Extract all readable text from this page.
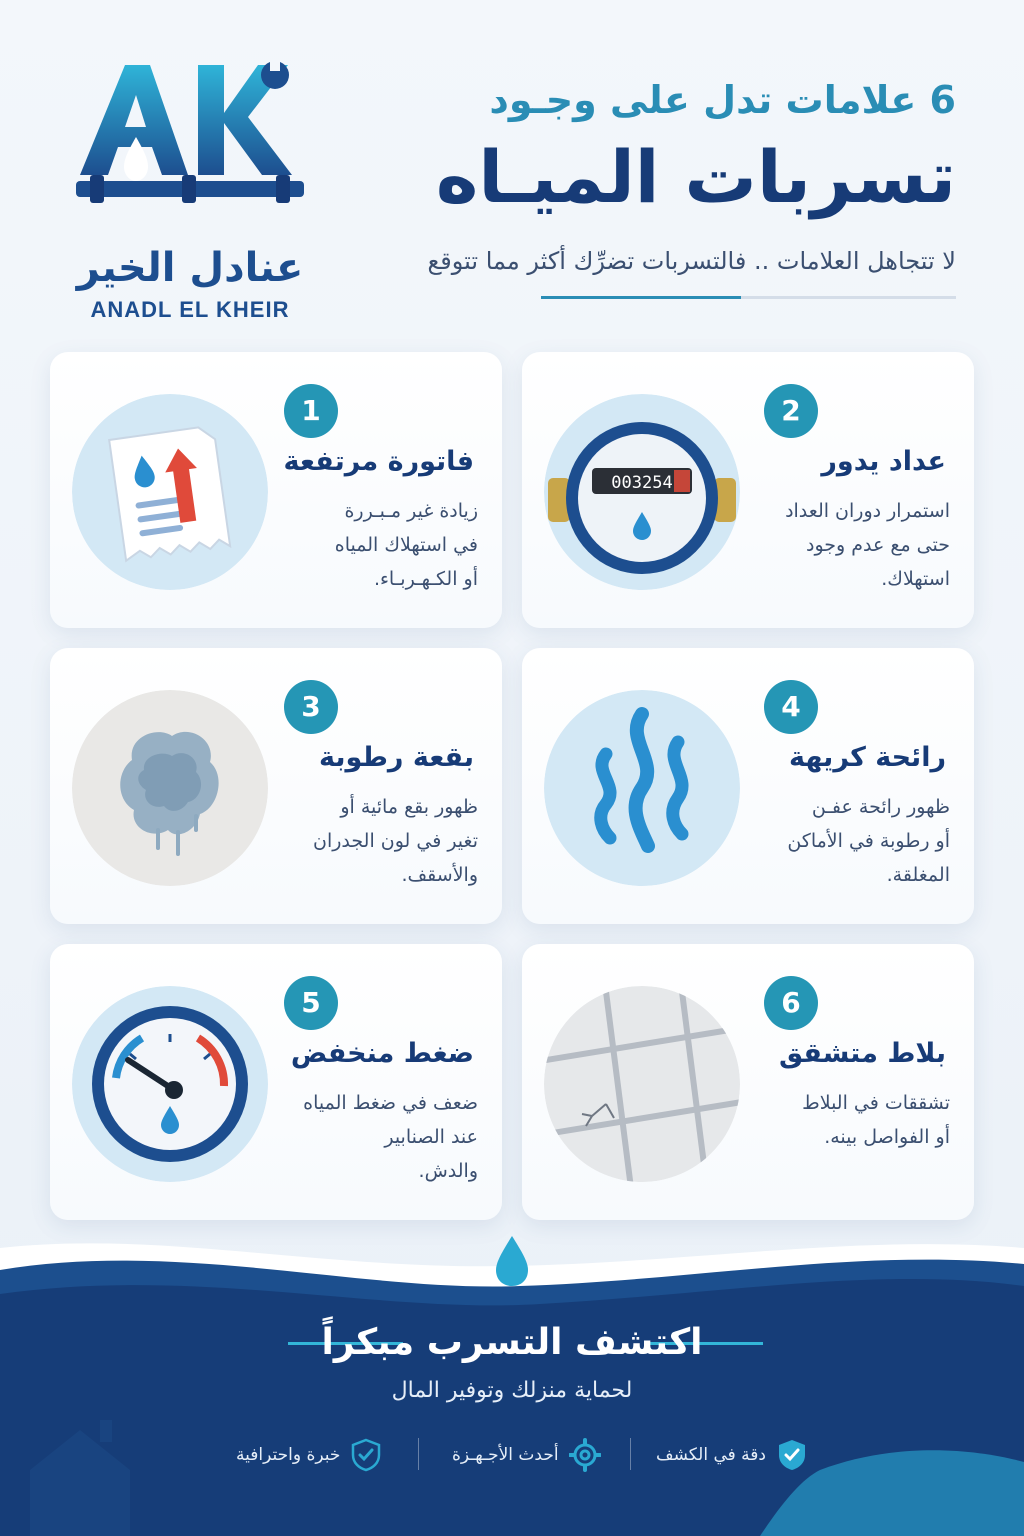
عنادل الخير
ANADL EL KHEIR
6 علامات تدل على وجـود
تسربات الميـاه
لا تتجاهل العلامات .. فالتسربات تضرِّك أكثر مما تتوقع
1
فاتورة مرتفعة
زيادة غير مـبـررة
في استهلاك المياه
أو الكـهـربـاء.
003254
2
عداد يدور
استمرار دوران العداد
حتى مع عدم وجود
استهلاك.
3
بقعة رطوبة
ظهور بقع مائية أو
تغير في لون الجدران
والأسقف.
4
رائحة كريهة
ظهور رائحة عفـن
أو رطوبة في الأماكن
المغلقة.
5
ضغط منخفض
ضعف في ضغط المياه
عند الصنابير
والدش.
6
بلاط متشقق
تشققات في البلاط
أو الفواصل بينه.
اكتشف التسرب مبكراً
لحماية منزلك وتوفير المال
دقة في الكشف
أحدث الأجـهـزة
خبرة واحترافية
